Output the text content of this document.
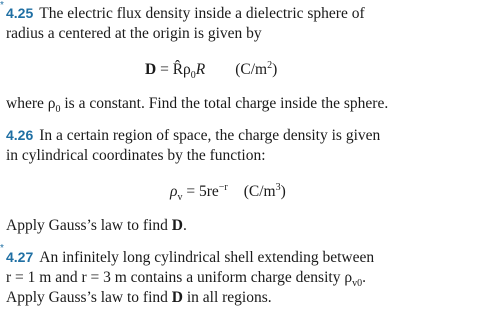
* 4.25 The electric flux density inside a dielectric sphere of
radius a centered at the origin is given by
$D = R̂\rho_0R$ $(C/m^2)$
where $\rho_0$ is a constant. Find the total charge inside the sphere.
4.26 In a certain region of space, the charge density is given
in cylindrical coordinates by the function:
$\rho_v = 5re^{-r}$ $(C/m^3)$
Apply Gauss’s law to find D.
*
4.27 An infinitely long cylindrical shell extending between
r = 1 m and r = 3 m contains a uniform charge density $\rho_{v0}$.
Apply Gauss’s law to find D in all regions.
